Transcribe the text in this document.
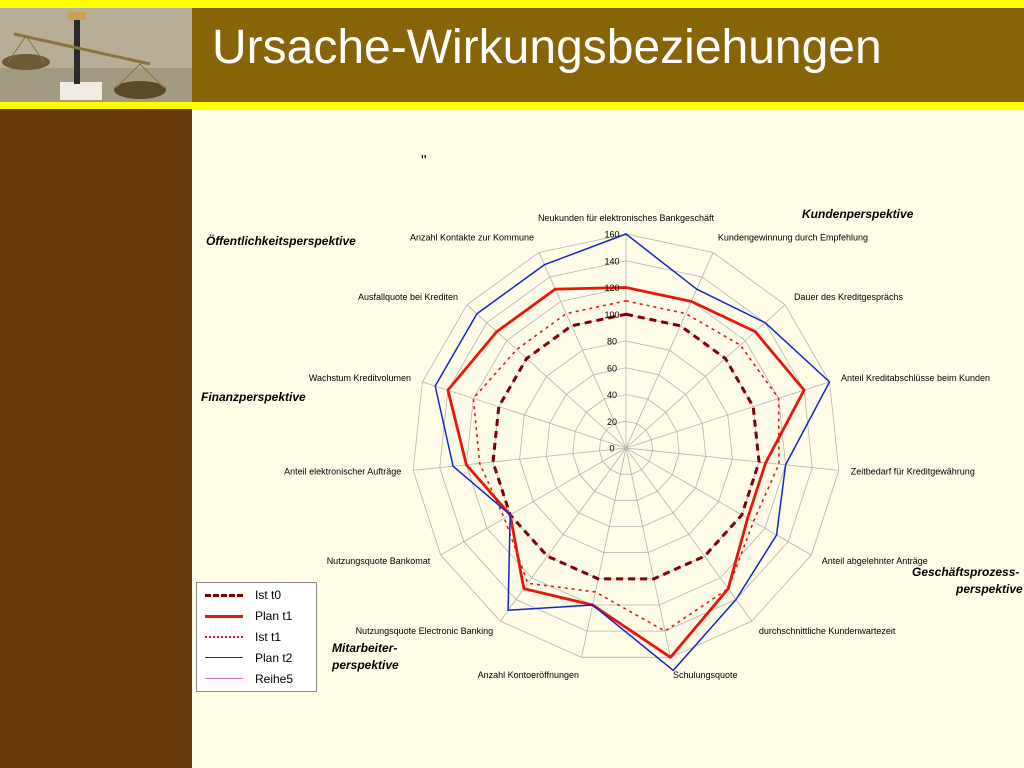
Ursache-Wirkungsbeziehungen
"
0
20
40
60
80
100
120
140
160
Neukunden für elektronisches Bankgeschäft
Kundengewinnung durch Empfehlung
Dauer des Kreditgesprächs
Anteil Kreditabschlüsse beim Kunden
Zeitbedarf für Kreditgewährung
Anteil abgelehnter Anträge
durchschnittliche Kundenwartezeit
Schulungsquote
Anzahl Kontoeröffnungen
Nutzungsquote Electronic Banking
Nutzungsquote Bankomat
Anteil elektronischer Aufträge
Wachstum Kreditvolumen
Ausfallquote bei Krediten
Anzahl Kontakte zur Kommune
Kundenperspektive
Öffentlichkeitsperspektive
Finanzperspektive
Geschäftsprozess-
perspektive
Mitarbeiter-
perspektive
Ist t0
Plan t1
Ist t1
Plan t2
Reihe5
